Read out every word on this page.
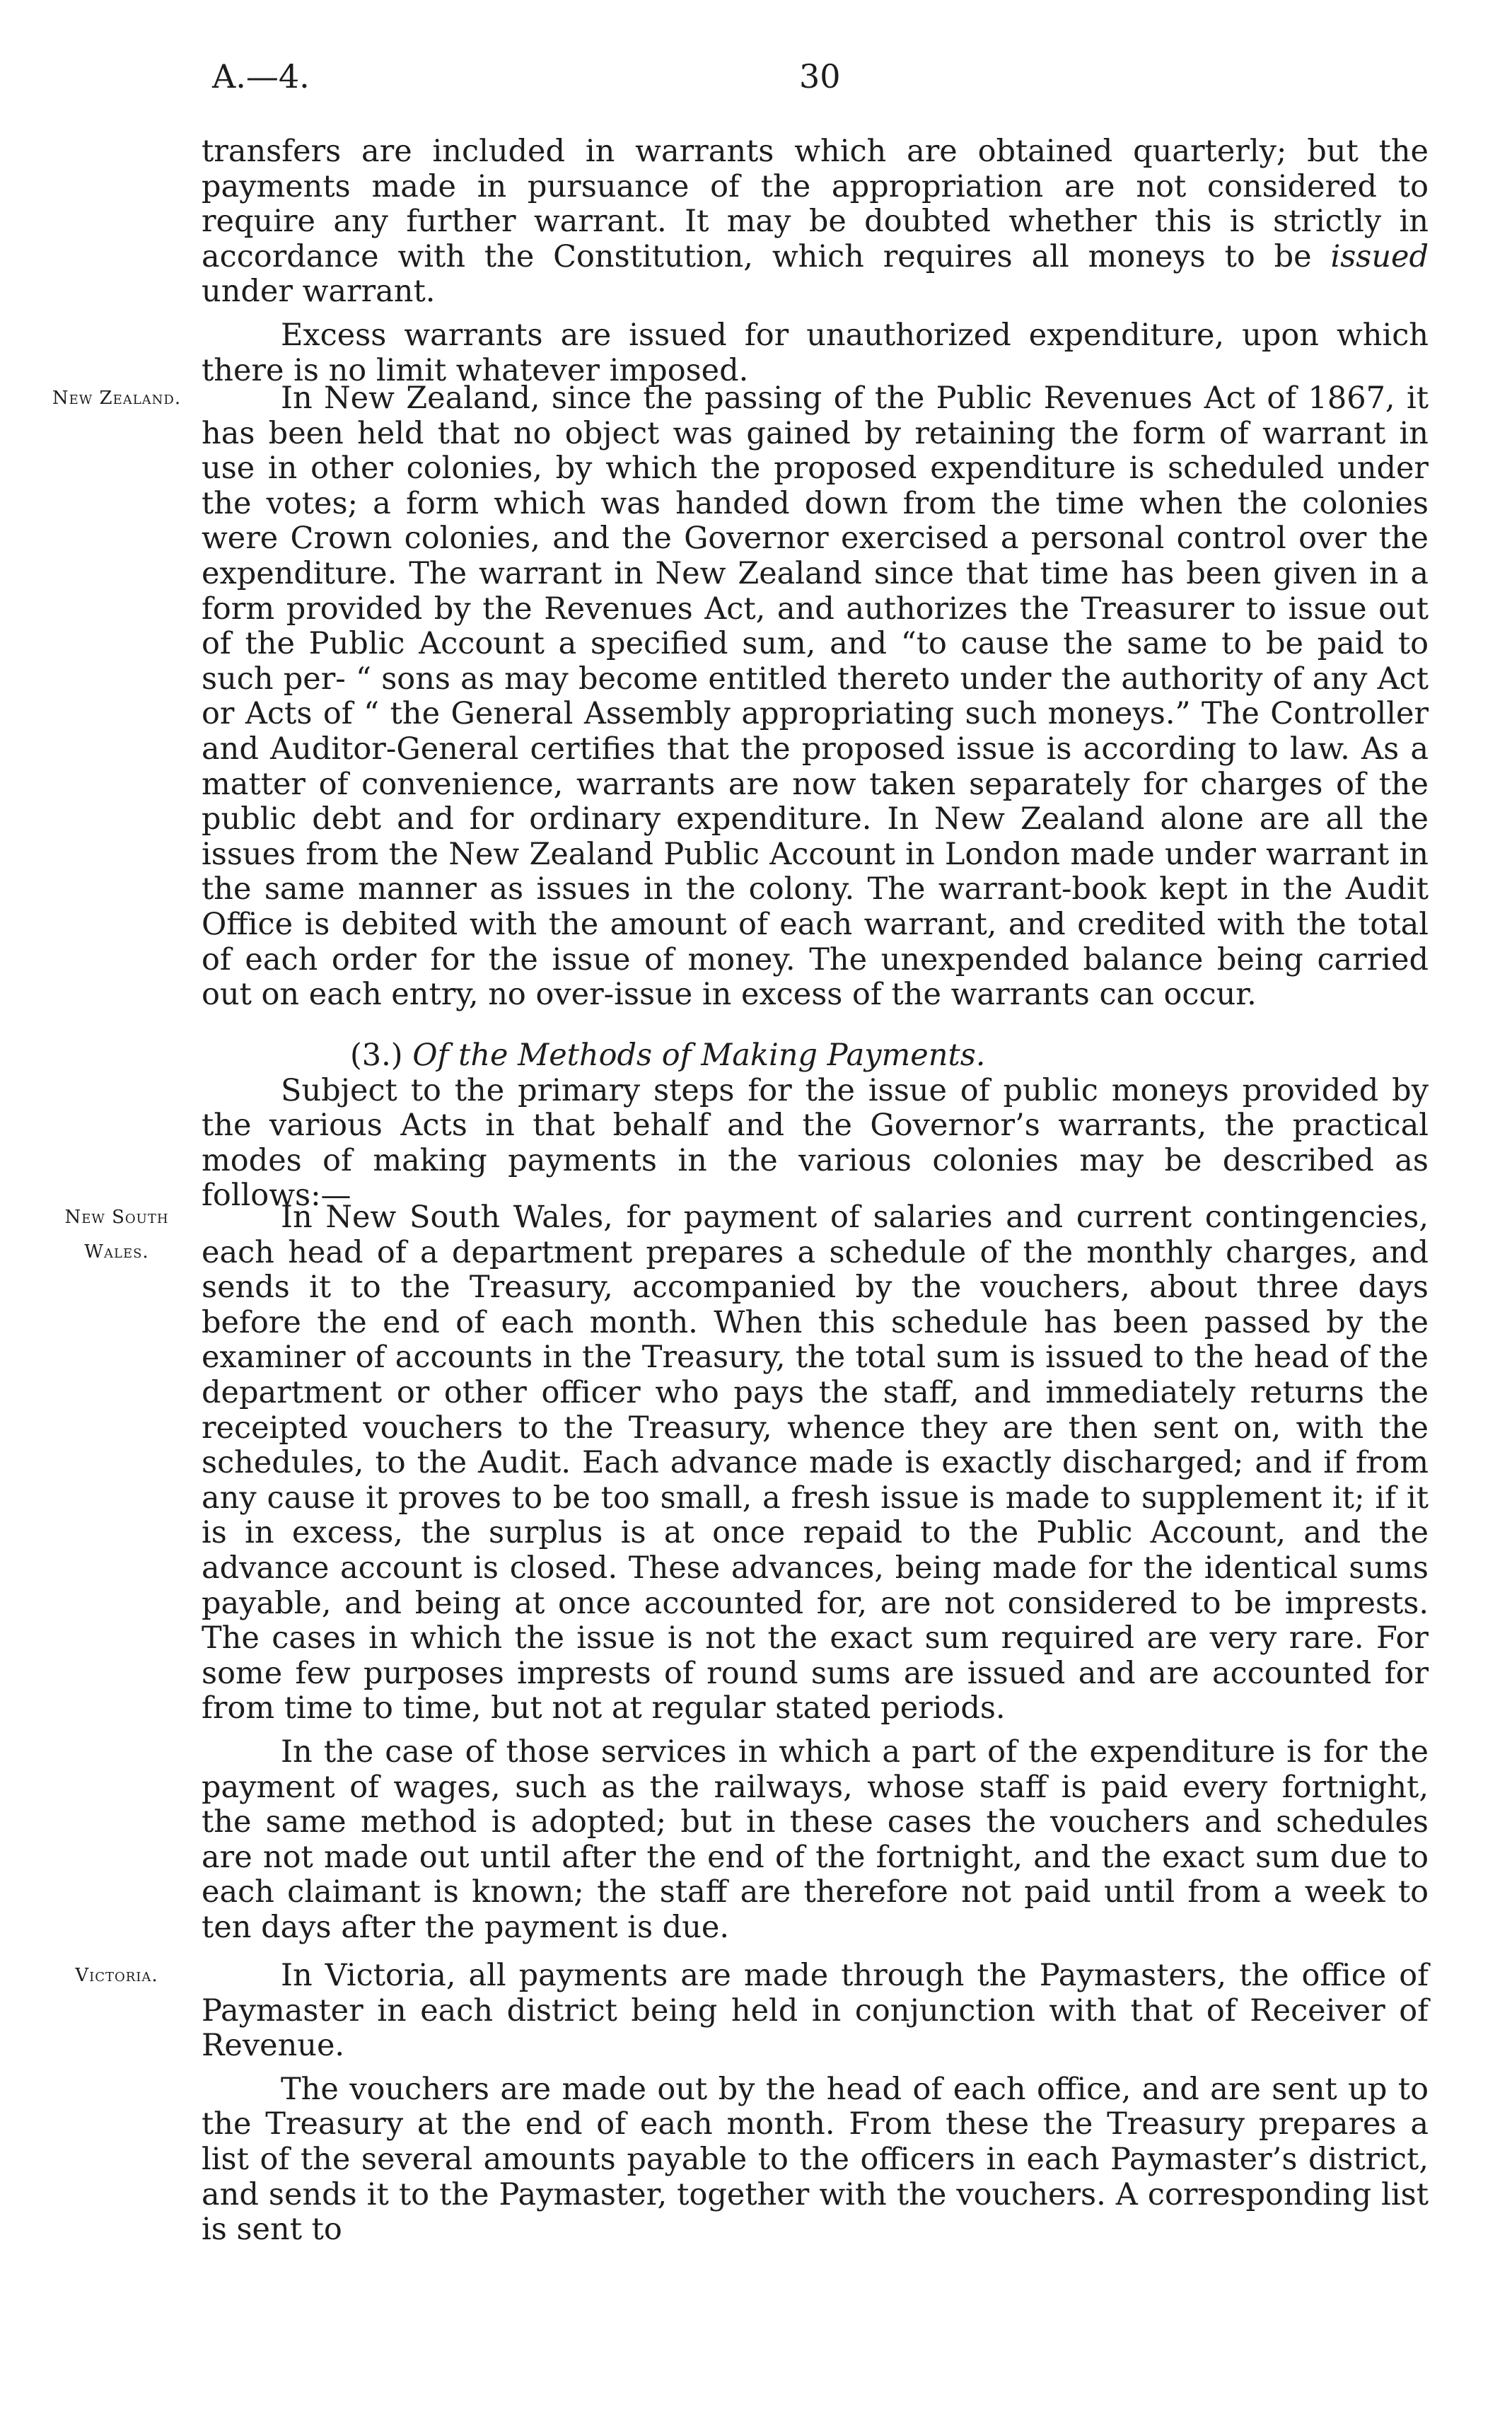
A.—4.	30
New Zealand.
New South
Wales.
Victoria.

transfers are included in warrants which are obtained quarterly; but the payments made in pursuance of the appropriation are not considered to require any further warrant. It may be doubted whether this is strictly in accordance with the Constitution, which requires all moneys to be issued under warrant.

Excess warrants are issued for unauthorized expenditure, upon which there is no limit whatever imposed.

In New Zealand, since the passing of the Public Revenues Act of 1867, it has been held that no object was gained by retaining the form of warrant in use in other colonies, by which the proposed expenditure is scheduled under the votes; a form which was handed down from the time when the colonies were Crown colonies, and the Governor exercised a personal control over the expenditure. The warrant in New Zealand since that time has been given in a form provided by the Revenues Act, and authorizes the Treasurer to issue out of the Public Account a specified sum, and “to cause the same to be paid to such per- “ sons as may become entitled thereto under the authority of any Act or Acts of “ the General Assembly appropriating such moneys.” The Controller and Auditor-General certifies that the proposed issue is according to law. As a matter of convenience, warrants are now taken separately for charges of the public debt and for ordinary expenditure. In New Zealand alone are all the issues from the New Zealand Public Account in London made under warrant in the same manner as issues in the colony. The warrant-book kept in the Audit Office is debited with the amount of each warrant, and credited with the total of each order for the issue of money. The unexpended balance being carried out on each entry, no over-issue in excess of the warrants can occur.

(3.) Of the Methods of Making Payments.

Subject to the primary steps for the issue of public moneys provided by the various Acts in that behalf and the Governor’s warrants, the practical modes of making payments in the various colonies may be described as follows:—

In New South Wales, for payment of salaries and current contingencies, each head of a department prepares a schedule of the monthly charges, and sends it to the Treasury, accompanied by the vouchers, about three days before the end of each month. When this schedule has been passed by the examiner of accounts in the Treasury, the total sum is issued to the head of the department or other officer who pays the staff, and immediately returns the receipted vouchers to the Treasury, whence they are then sent on, with the schedules, to the Audit. Each advance made is exactly discharged; and if from any cause it proves to be too small, a fresh issue is made to supplement it; if it is in excess, the surplus is at once repaid to the Public Account, and the advance account is closed. These advances, being made for the identical sums payable, and being at once accounted for, are not considered to be imprests. The cases in which the issue is not the exact sum required are very rare. For some few purposes imprests of round sums are issued and are accounted for from time to time, but not at regular stated periods.

In the case of those services in which a part of the expenditure is for the payment of wages, such as the railways, whose staff is paid every fortnight, the same method is adopted; but in these cases the vouchers and schedules are not made out until after the end of the fortnight, and the exact sum due to each claimant is known; the staff are therefore not paid until from a week to ten days after the payment is due.

In Victoria, all payments are made through the Paymasters, the office of Paymaster in each district being held in conjunction with that of Receiver of Revenue.

The vouchers are made out by the head of each office, and are sent up to the Treasury at the end of each month. From these the Treasury prepares a list of the several amounts payable to the officers in each Paymaster’s district, and sends it to the Paymaster, together with the vouchers. A corresponding list is sent to
